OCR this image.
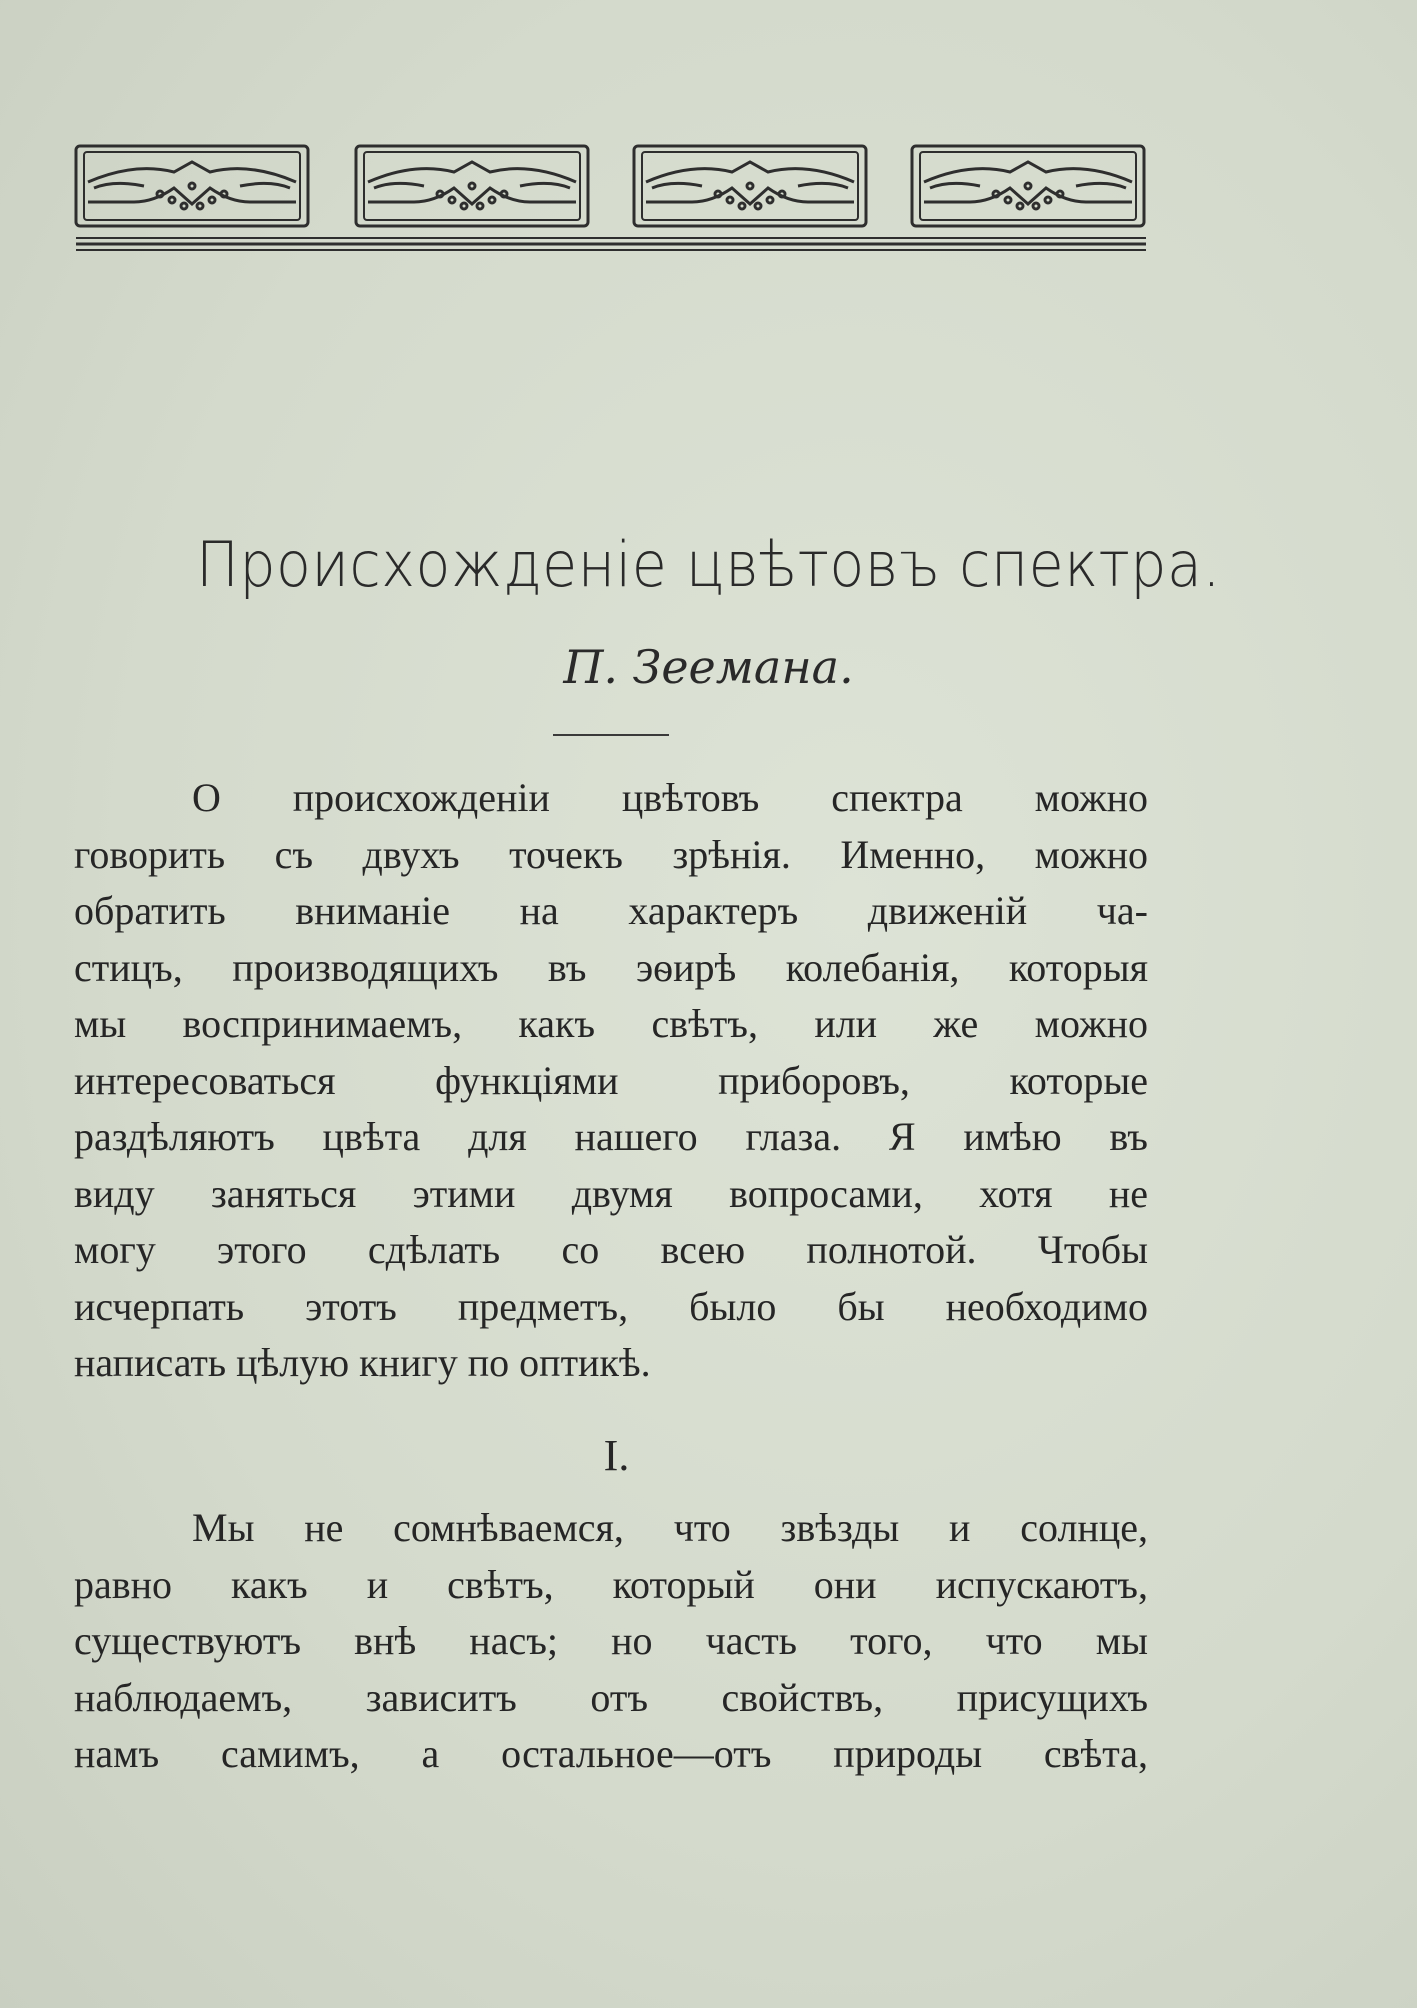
Происхожденіе цвѣтовъ спектра.
П. Зеемана.
О происхожденіи цвѣтовъ спектра можно
говорить съ двухъ точекъ зрѣнія. Именно, можно
обратить вниманіе на характеръ движеній ча-
стицъ, производящихъ въ эѳирѣ колебанія, которыя
мы воспринимаемъ, какъ свѣтъ, или же можно
интересоваться функціями приборовъ, которые
раздѣляютъ цвѣта для нашего глаза. Я имѣю въ
виду заняться этими двумя вопросами, хотя не
могу этого сдѣлать со всею полнотой. Чтобы
исчерпать этотъ предметъ, было бы необходимо
написать цѣлую книгу по оптикѣ.
I.
Мы не сомнѣваемся, что звѣзды и солнце,
равно какъ и свѣтъ, который они испускаютъ,
существуютъ внѣ насъ; но часть того, что мы
наблюдаемъ, зависитъ отъ свойствъ, присущихъ
намъ самимъ, а остальное—отъ природы свѣта,
